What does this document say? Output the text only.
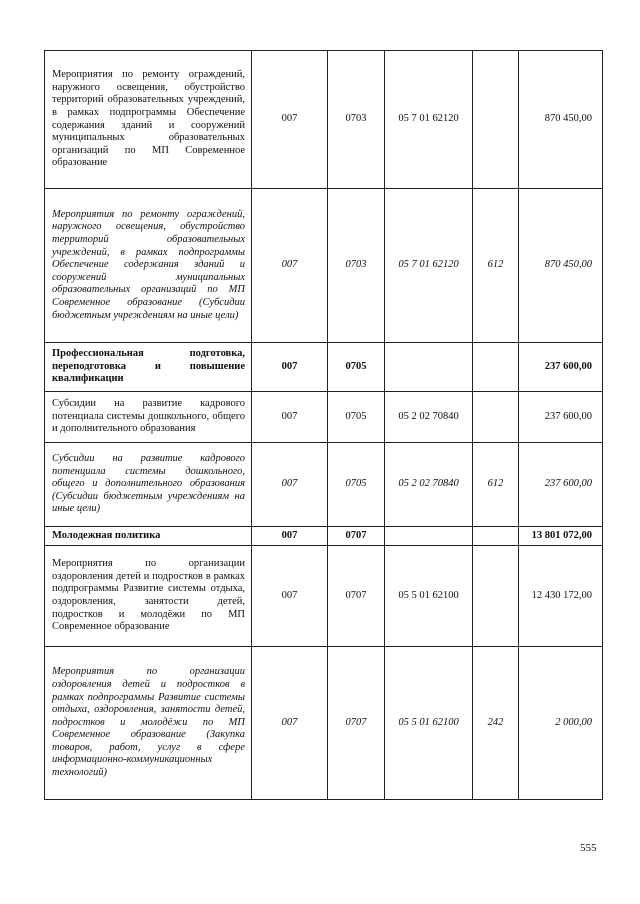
Мероприятия по ремонту ограждений, наружного освещения, обустройство территорий образовательных учреждений, в рамках подпрограммы Обеспечение содержания зданий и сооружений муниципальных образовательных организаций по МП Современное образование	007	0703	05 7 01 62120		870 450,00
Мероприятия по ремонту ограждений, наружного освещения, обустройство территорий образовательных учреждений, в рамках подпрограммы Обеспечение содержания зданий и сооружений муниципальных образовательных организаций по МП Современное образование (Субсидии бюджетным учреждениям на иные цели)	007	0703	05 7 01 62120	612	870 450,00
Профессиональная подготовка, переподготовка и повышение квалификации	007	0705			237 600,00
Субсидии на развитие кадрового потенциала системы дошкольного, общего и дополнительного образования	007	0705	05 2 02 70840		237 600,00
Субсидии на развитие кадрового потенциала системы дошкольного, общего и дополнительного образования (Субсидии бюджетным учреждениям на иные цели)	007	0705	05 2 02 70840	612	237 600,00
Молодежная политика	007	0707			13 801 072,00
Мероприятия по организации оздоровления детей и подростков в рамках подпрограммы Развитие системы отдыха, оздоровления, занятости детей, подростков и молодёжи по МП Современное образование	007	0707	05 5 01 62100		12 430 172,00
Мероприятия по организации оздоровления детей и подростков в рамках подпрограммы Развитие системы отдыха, оздоровления, занятости детей, подростков и молодёжи по МП Современное образование (Закупка товаров, работ, услуг в сфере информационно-коммуникационных технологий)	007	0707	05 5 01 62100	242	2 000,00
555
